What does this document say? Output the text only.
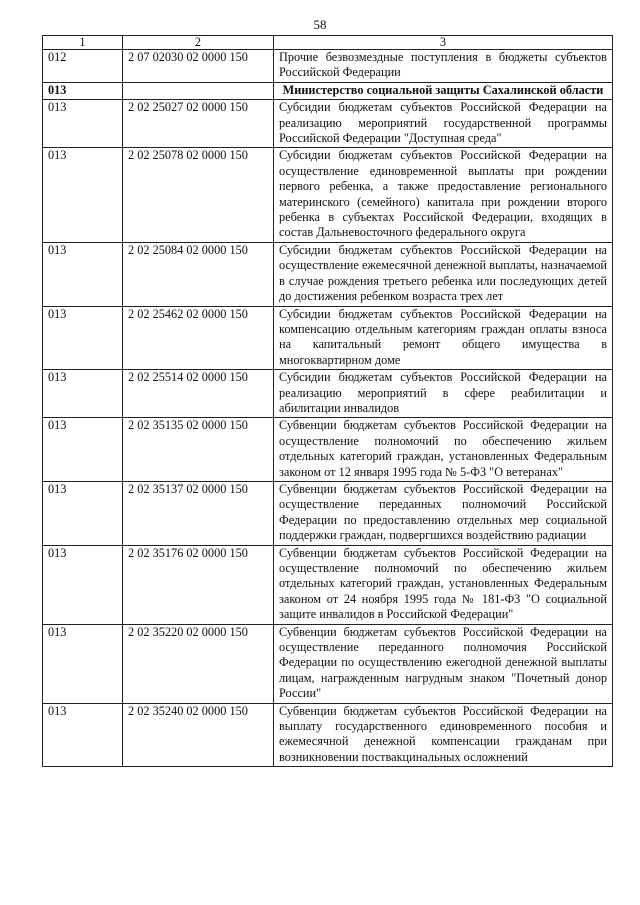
58
1	2	3
012	2 07 02030 02 0000 150	Прочие безвозмездные поступления в бюджеты субъектов Российской Федерации
013		Министерство социальной защиты Сахалинской области
013	2 02 25027 02 0000 150	Субсидии бюджетам субъектов Российской Федерации на реализацию мероприятий государственной программы Российской Федерации "Доступная среда"
013	2 02 25078 02 0000 150	Субсидии бюджетам субъектов Российской Федерации на осуществление единовременной выплаты при рождении первого ребенка, а также предоставление регионального материнского (семейного) капитала при рождении второго ребенка в субъектах Российской Федерации, входящих в состав Дальневосточного федерального округа
013	2 02 25084 02 0000 150	Субсидии бюджетам субъектов Российской Федерации на осуществление ежемесячной денежной выплаты, назначаемой в случае рождения третьего ребенка или последующих детей до достижения ребенком возраста трех лет
013	2 02 25462 02 0000 150	Субсидии бюджетам субъектов Российской Федерации на компенсацию отдельным категориям граждан оплаты взноса на капитальный ремонт общего имущества в многоквартирном доме
013	2 02 25514 02 0000 150	Субсидии бюджетам субъектов Российской Федерации на реализацию мероприятий в сфере реабилитации и абилитации инвалидов
013	2 02 35135 02 0000 150	Субвенции бюджетам субъектов Российской Федерации на осуществление полномочий по обеспечению жильем отдельных категорий граждан, установленных Федеральным законом от 12 января 1995 года № 5-ФЗ "О ветеранах"
013	2 02 35137 02 0000 150	Субвенции бюджетам субъектов Российской Федерации на осуществление переданных полномочий Российской Федерации по предоставлению отдельных мер социальной поддержки граждан, подвергшихся воздействию радиации
013	2 02 35176 02 0000 150	Субвенции бюджетам субъектов Российской Федерации на осуществление полномочий по обеспечению жильем отдельных категорий граждан, установленных Федеральным законом от 24 ноября 1995 года № 181-ФЗ "О социальной защите инвалидов в Российской Федерации"
013	2 02 35220 02 0000 150	Субвенции бюджетам субъектов Российской Федерации на осуществление переданного полномочия Российской Федерации по осуществлению ежегодной денежной выплаты лицам, награжденным нагрудным знаком "Почетный донор России"
013	2 02 35240 02 0000 150	Субвенции бюджетам субъектов Российской Федерации на выплату государственного единовременного пособия и ежемесячной денежной компенсации гражданам при возникновении поствакцинальных осложнений
